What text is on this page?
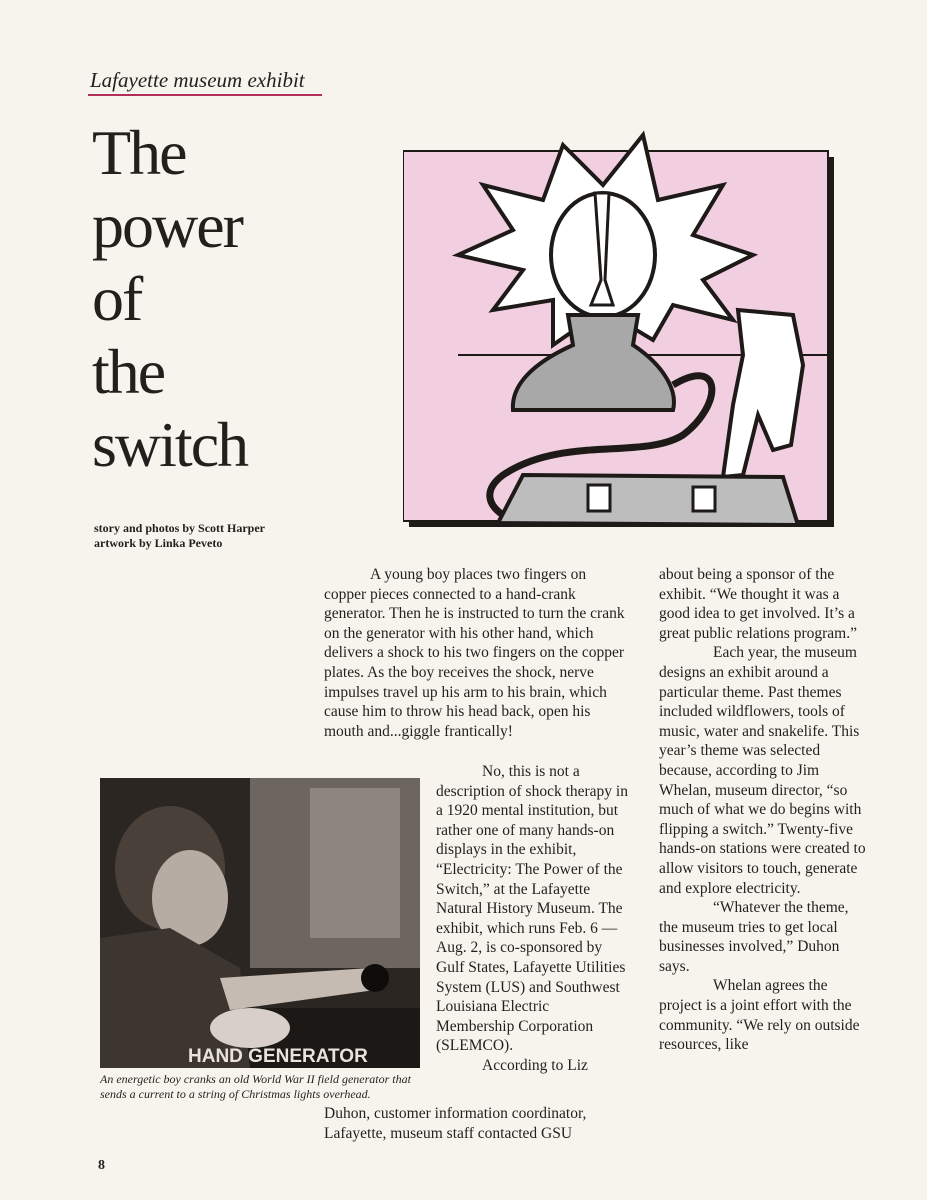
Lafayette museum exhibit
The
power
of
the
switch
story and photos by Scott Harper
artwork by Linka Peveto

A young boy places two fingers on copper pieces connected to a hand-crank generator. Then he is instructed to turn the crank on the generator with his other hand, which delivers a shock to his two fingers on the copper plates. As the boy receives the shock, nerve impulses travel up his arm to his brain, which cause him to throw his head back, open his mouth and...giggle frantically!

No, this is not a description of shock therapy in a 1920 mental institution, but rather one of many hands-on displays in the exhibit, “Electricity: The Power of the Switch,” at the Lafayette Natural History Museum. The exhibit, which runs Feb. 6 — Aug. 2, is co-sponsored by Gulf States, Lafayette Utilities System (LUS) and Southwest Louisiana Electric Membership Corporation (SLEMCO).

According to Liz

Duhon, customer information coordinator, Lafayette, museum staff contacted GSU

about being a sponsor of the exhibit. “We thought it was a good idea to get involved. It’s a great public relations program.”

Each year, the museum designs an exhibit around a particular theme. Past themes included wildflowers, tools of music, water and snakelife. This year’s theme was selected because, according to Jim Whelan, museum director, “so much of what we do begins with flipping a switch.” Twenty-five hands-on stations were created to allow visitors to touch, generate and explore electricity.

“Whatever the theme, the museum tries to get local businesses involved,” Duhon says.

Whelan agrees the project is a joint effort with the community. “We rely on outside resources, like

HAND GENERATOR
An energetic boy cranks an old World War II field generator that sends a current to a string of Christmas lights overhead.
8
